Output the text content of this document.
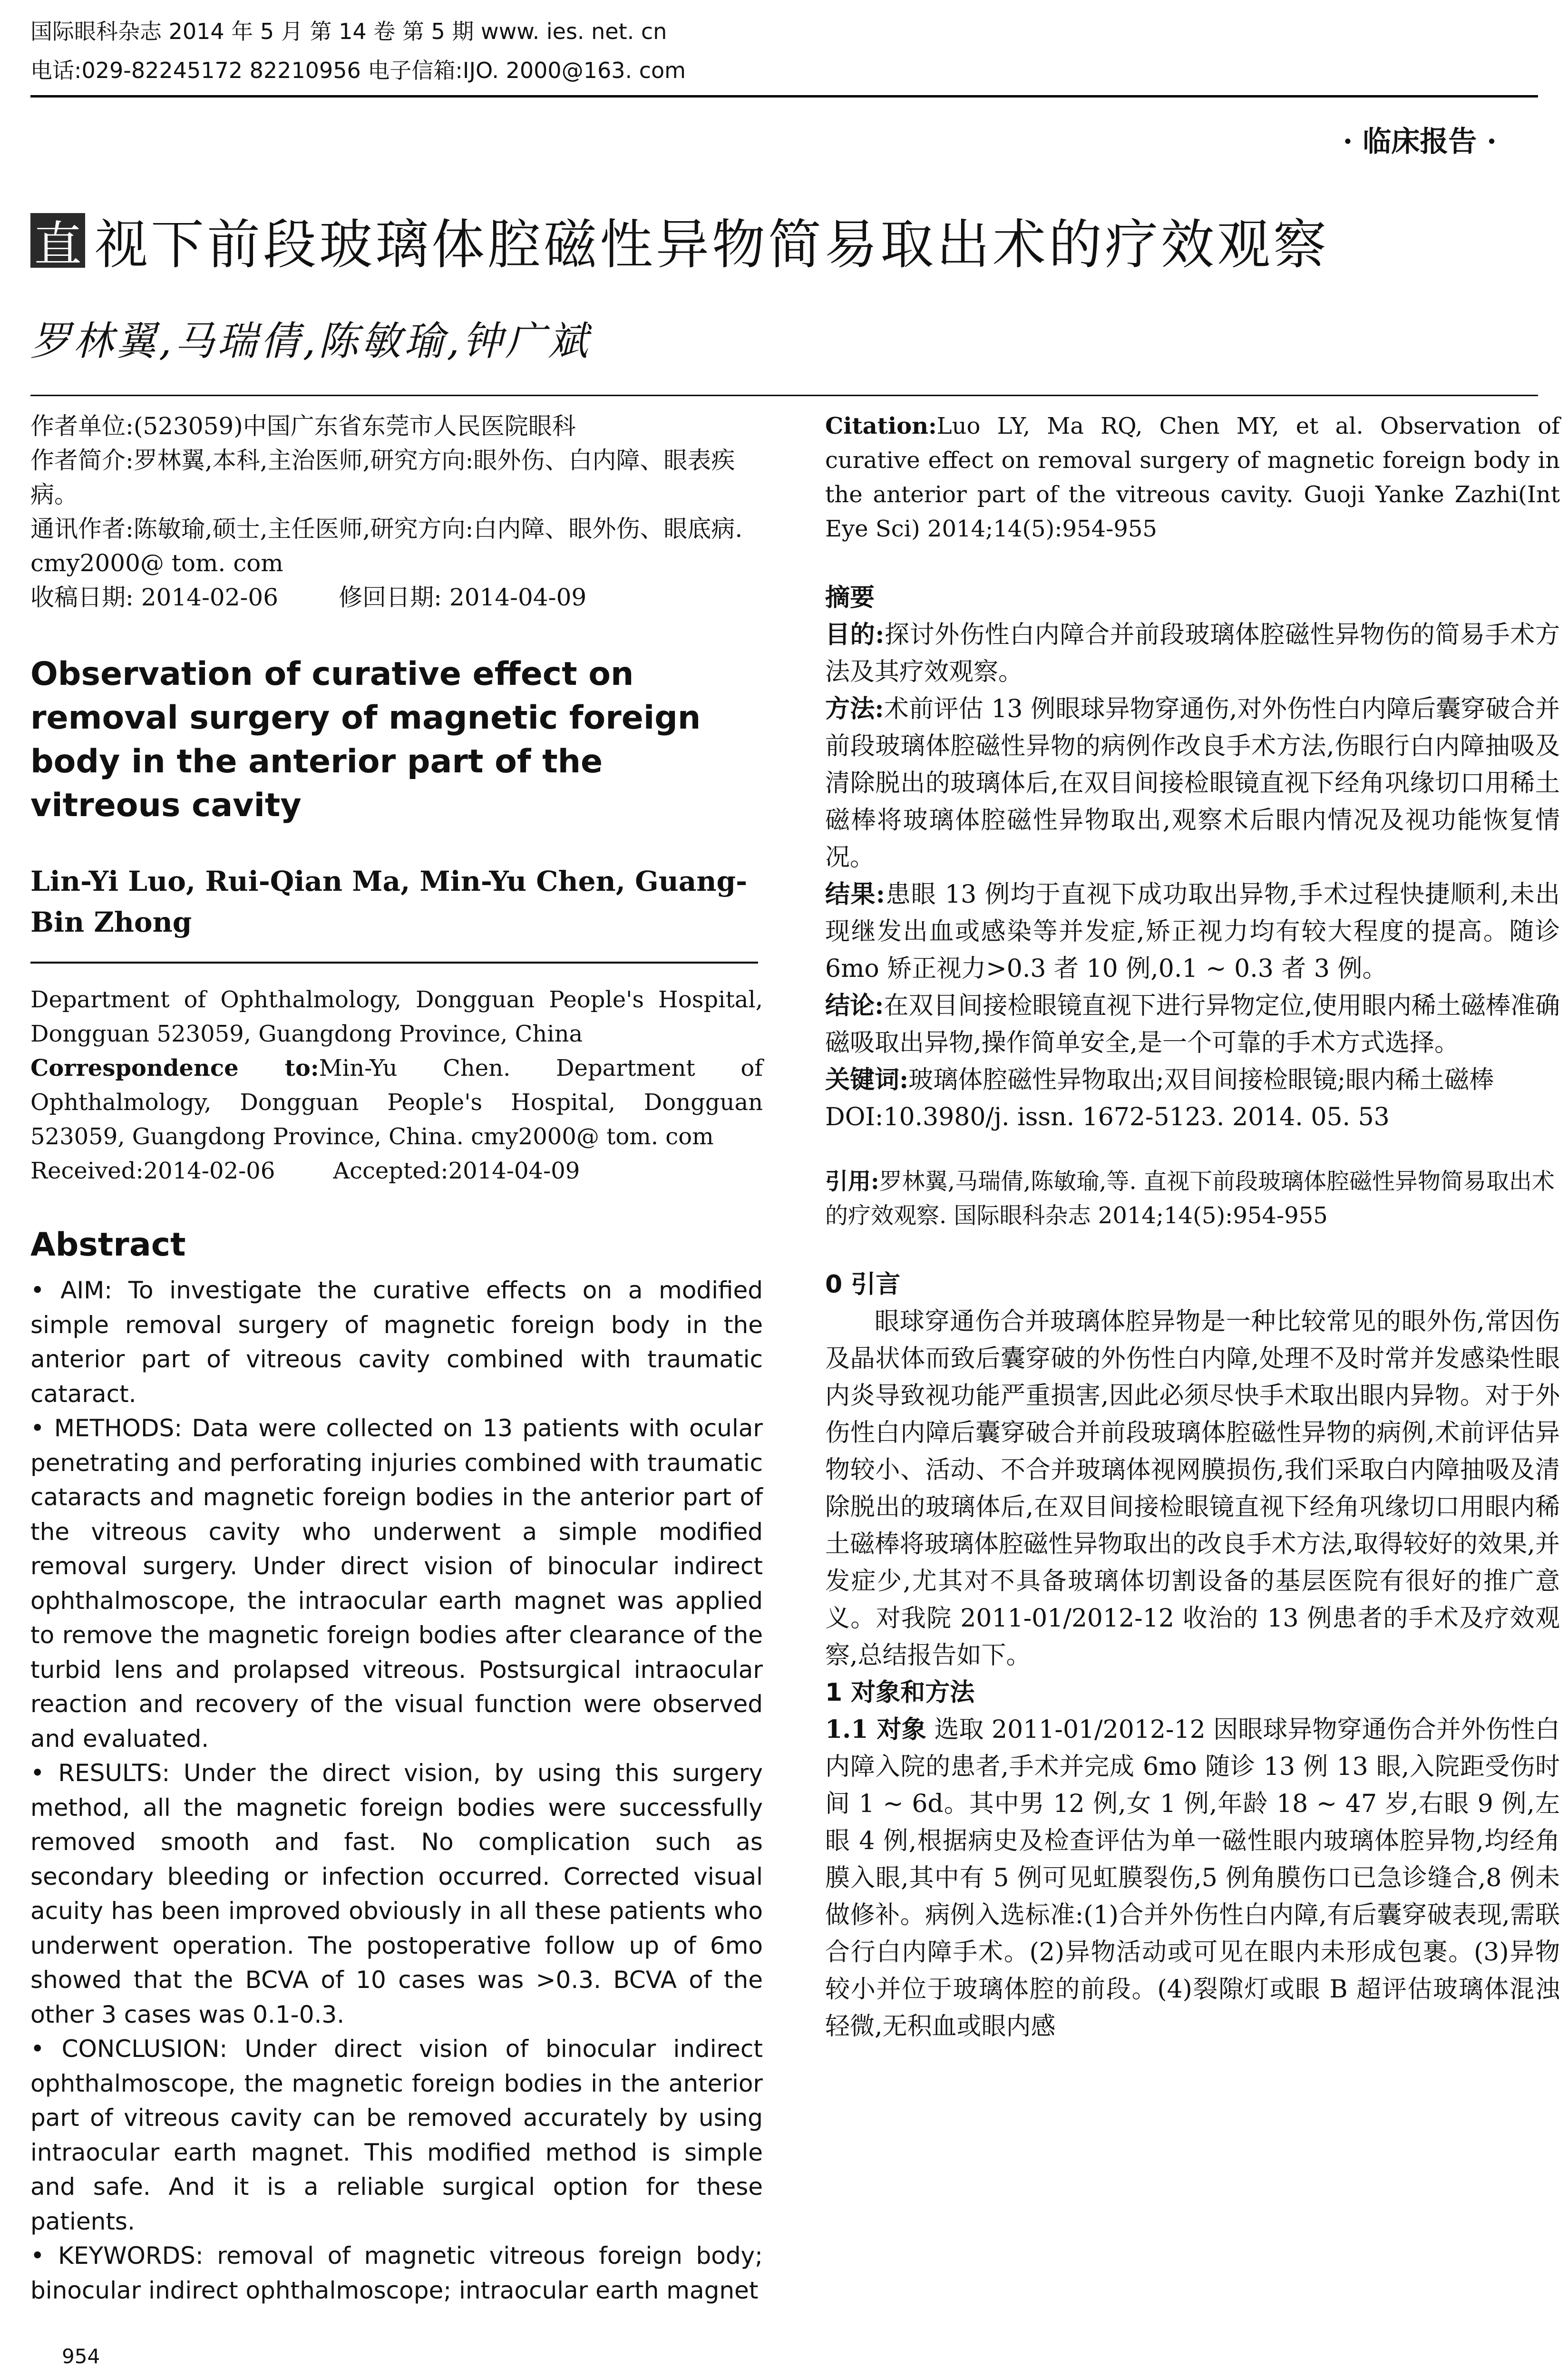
国际眼科杂志 2014 年 5 月 第 14 卷 第 5 期 www. ies. net. cn
电话:029-82245172 82210956 电子信箱:IJO. 2000@163. com
· 临床报告 ·
直 视下前段玻璃体腔磁性异物简易取出术的疗效观察
罗林翼,马瑞倩,陈敏瑜,钟广斌

作者单位:(523059)中国广东省东莞市人民医院眼科

作者简介:罗林翼,本科,主治医师,研究方向:眼外伤、白内障、眼表疾病。

通讯作者:陈敏瑜,硕士,主任医师,研究方向:白内障、眼外伤、眼底病. cmy2000@ tom. com

收稿日期: 2014-02-06        修回日期: 2014-04-09

Observation of curative effect on removal surgery of magnetic foreign body in the anterior part of the vitreous cavity

Lin-Yi Luo, Rui-Qian Ma, Min-Yu Chen, Guang-Bin Zhong

Department of Ophthalmology, Dongguan People's Hospital, Dongguan 523059, Guangdong Province, China

Correspondence to:Min-Yu Chen. Department of Ophthalmology, Dongguan People's Hospital, Dongguan 523059, Guangdong Province, China. cmy2000@ tom. com

Received:2014-02-06        Accepted:2014-04-09

Abstract

• AIM: To investigate the curative effects on a modified simple removal surgery of magnetic foreign body in the anterior part of vitreous cavity combined with traumatic cataract.

• METHODS: Data were collected on 13 patients with ocular penetrating and perforating injuries combined with traumatic cataracts and magnetic foreign bodies in the anterior part of the vitreous cavity who underwent a simple modified removal surgery. Under direct vision of binocular indirect ophthalmoscope, the intraocular earth magnet was applied to remove the magnetic foreign bodies after clearance of the turbid lens and prolapsed vitreous. Postsurgical intraocular reaction and recovery of the visual function were observed and evaluated.

• RESULTS: Under the direct vision, by using this surgery method, all the magnetic foreign bodies were successfully removed smooth and fast. No complication such as secondary bleeding or infection occurred. Corrected visual acuity has been improved obviously in all these patients who underwent operation. The postoperative follow up of 6mo showed that the BCVA of 10 cases was >0.3. BCVA of the other 3 cases was 0.1-0.3.

• CONCLUSION: Under direct vision of binocular indirect ophthalmoscope, the magnetic foreign bodies in the anterior part of vitreous cavity can be removed accurately by using intraocular earth magnet. This modified method is simple and safe. And it is a reliable surgical option for these patients.

• KEYWORDS: removal of magnetic vitreous foreign body; binocular indirect ophthalmoscope; intraocular earth magnet

Citation:Luo LY, Ma RQ, Chen MY, et al. Observation of curative effect on removal surgery of magnetic foreign body in the anterior part of the vitreous cavity. Guoji Yanke Zazhi(Int Eye Sci) 2014;14(5):954-955

摘要

目的:探讨外伤性白内障合并前段玻璃体腔磁性异物伤的简易手术方法及其疗效观察。

方法:术前评估 13 例眼球异物穿通伤,对外伤性白内障后囊穿破合并前段玻璃体腔磁性异物的病例作改良手术方法,伤眼行白内障抽吸及清除脱出的玻璃体后,在双目间接检眼镜直视下经角巩缘切口用稀土磁棒将玻璃体腔磁性异物取出,观察术后眼内情况及视功能恢复情况。

结果:患眼 13 例均于直视下成功取出异物,手术过程快捷顺利,未出现继发出血或感染等并发症,矫正视力均有较大程度的提高。随诊 6mo 矫正视力>0.3 者 10 例,0.1 ~ 0.3 者 3 例。

结论:在双目间接检眼镜直视下进行异物定位,使用眼内稀土磁棒准确磁吸取出异物,操作简单安全,是一个可靠的手术方式选择。

关键词:玻璃体腔磁性异物取出;双目间接检眼镜;眼内稀土磁棒

DOI:10.3980/j. issn. 1672-5123. 2014. 05. 53

引用:罗林翼,马瑞倩,陈敏瑜,等. 直视下前段玻璃体腔磁性异物简易取出术的疗效观察. 国际眼科杂志 2014;14(5):954-955

0 引言

眼球穿通伤合并玻璃体腔异物是一种比较常见的眼外伤,常因伤及晶状体而致后囊穿破的外伤性白内障,处理不及时常并发感染性眼内炎导致视功能严重损害,因此必须尽快手术取出眼内异物。对于外伤性白内障后囊穿破合并前段玻璃体腔磁性异物的病例,术前评估异物较小、活动、不合并玻璃体视网膜损伤,我们采取白内障抽吸及清除脱出的玻璃体后,在双目间接检眼镜直视下经角巩缘切口用眼内稀土磁棒将玻璃体腔磁性异物取出的改良手术方法,取得较好的效果,并发症少,尤其对不具备玻璃体切割设备的基层医院有很好的推广意义。对我院 2011-01/2012-12 收治的 13 例患者的手术及疗效观察,总结报告如下。

1 对象和方法

1.1 对象 选取 2011-01/2012-12 因眼球异物穿通伤合并外伤性白内障入院的患者,手术并完成 6mo 随诊 13 例 13 眼,入院距受伤时间 1 ~ 6d。其中男 12 例,女 1 例,年龄 18 ~ 47 岁,右眼 9 例,左眼 4 例,根据病史及检查评估为单一磁性眼内玻璃体腔异物,均经角膜入眼,其中有 5 例可见虹膜裂伤,5 例角膜伤口已急诊缝合,8 例未做修补。病例入选标准:(1)合并外伤性白内障,有后囊穿破表现,需联合行白内障手术。(2)异物活动或可见在眼内未形成包裹。(3)异物较小并位于玻璃体腔的前段。(4)裂隙灯或眼 B 超评估玻璃体混浊轻微,无积血或眼内感

954
